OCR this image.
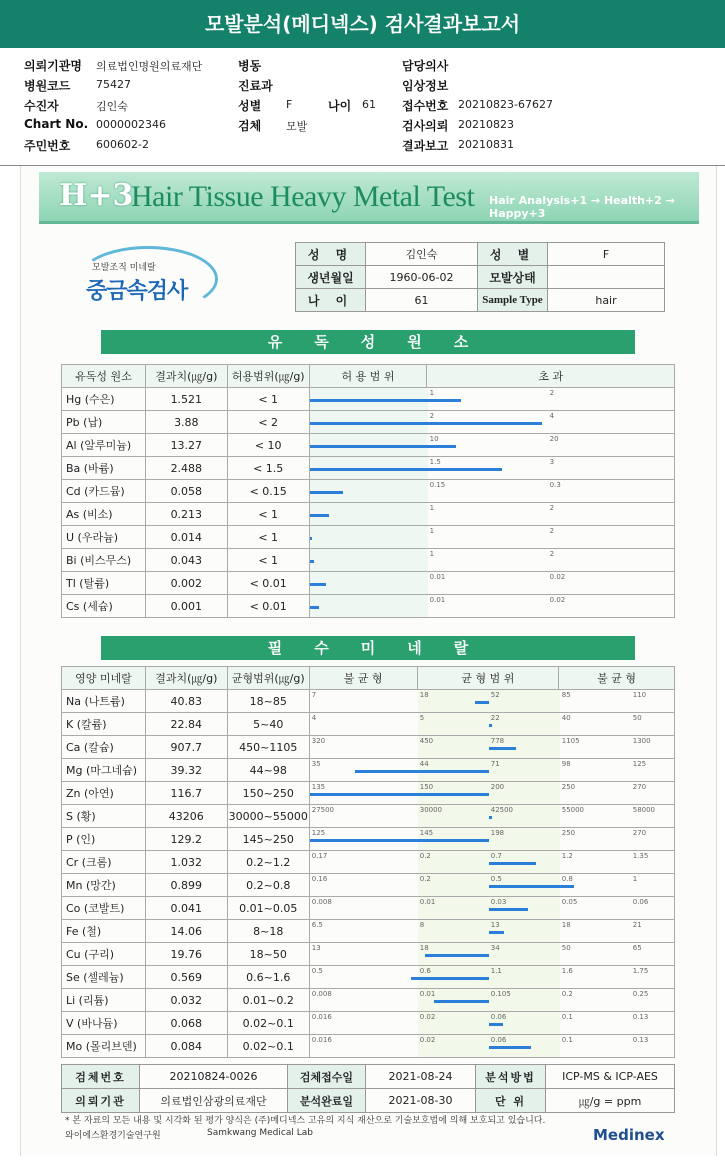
모발분석(메디넥스) 검사결과보고서
의뢰기관명 의료법인명원의료재단	병동	담당의사
병원코드 75427	진료과	임상정보
수진자	김인숙	성별 F	나이 61 접수번호 20210823-67627
Chart No. 0000002346	검체 모발	검사의뢰 20210823
주민번호 600602-2	결과보고 20210831
H+3
Hair Tissue Heavy Metal Test Hair Analysis+1 → Health+2 → Happy+3
모발조직 미네랄
중금속검사
성 명	김인숙	성 별	F
생년월일	1960-06-02	모발상태	
나 이	61	Sample Type	hair
유독성원소
유독성 원소	결과치(㎍/g)	허용범위(㎍/g)	허 용 범 위	초 과
Hg (수은)	1.521	< 1	1 2	

Pb (납)	3.88	< 2	2 4	

Al (알루미늄)	13.27	< 10	10 20	

Ba (바륨)	2.488	< 1.5	1.5 3	

Cd (카드뮴)	0.058	< 0.15	0.15 0.3	

As (비소)	0.213	< 1	1 2	

U (우라늄)	0.014	< 1	1 2	

Bi (비스무스)	0.043	< 1	1 2	

Tl (탈륨)	0.002	< 0.01	0.01 0.02	

Cs (세슘)	0.001	< 0.01	0.01 0.02	
필수미네랄
영양 미네랄	결과치(㎍/g)	균형범위(㎍/g)	불 균 형	균 형 범 위	불 균 형
Na (나트륨)	40.83	18~85	7 18 52 85 110		

K (칼륨)	22.84	5~40	4 5 22 40 50		

Ca (칼슘)	907.7	450~1105	320 450 778 1105 1300		

Mg (마그네슘)	39.32	44~98	35 44 71 98 125		

Zn (아연)	116.7	150~250	135 150 200 250 270		

S (황)	43206	30000~55000	27500 30000 42500 55000 58000		

P (인)	129.2	145~250	125 145 198 250 270		

Cr (크롬)	1.032	0.2~1.2	0.17 0.2 0.7 1.2 1.35		

Mn (망간)	0.899	0.2~0.8	0.16 0.2 0.5 0.8 1		

Co (코발트)	0.041	0.01~0.05	0.008 0.01 0.03 0.05 0.06		

Fe (철)	14.06	8~18	6.5 8 13 18 21		

Cu (구리)	19.76	18~50	13 18 34 50 65		

Se (셀레늄)	0.569	0.6~1.6	0.5 0.6 1.1 1.6 1.75		

Li (리튬)	0.032	0.01~0.2	0.008 0.01 0.105 0.2 0.25		

V (바나듐)	0.068	0.02~0.1	0.016 0.02 0.06 0.1 0.13		

Mo (몰리브덴)	0.084	0.02~0.1	0.016 0.02 0.06 0.1 0.13		
검체번호	20210824-0026	검체접수일	2021-08-24	분석방법	ICP-MS & ICP-AES
의뢰기관	의료법인삼광의료재단	분석완료일	2021-08-30	단 위	㎍/g = ppm
* 본 자료의 모든 내용 및 시각화 된 평가 양식은 (주)메디넥스 고유의 지식 재산으로 기술보호법에 의해 보호되고 있습니다.
와이에스환경기술연구원	Samkwang Medical Lab	Medinex
